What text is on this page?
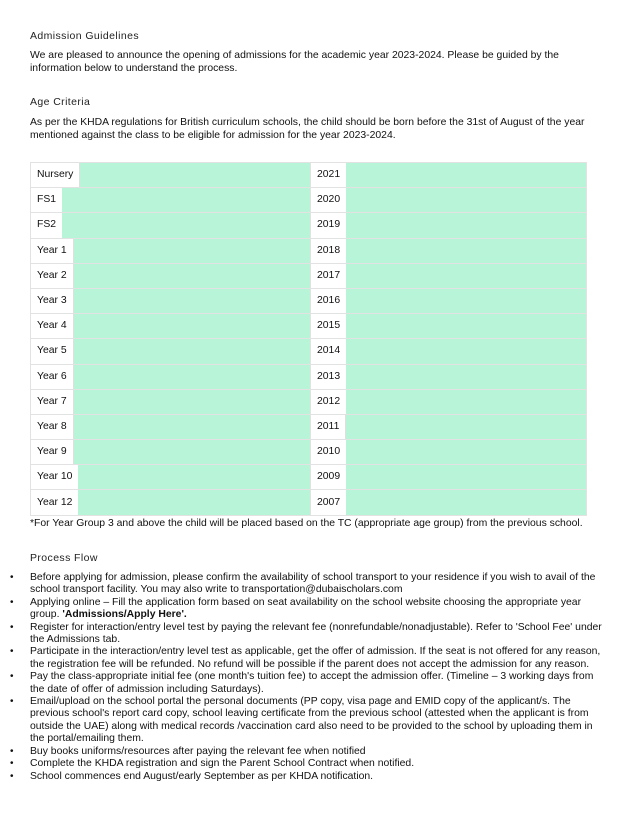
Admission Guidelines

We are pleased to announce the opening of admissions for the academic year 2023-2024. Please be guided by the information below to understand the process.

Age Criteria

As per the KHDA regulations for British curriculum schools, the child should be born before the 31st of August of the year mentioned against the class to be eligible for admission for the year 2023-2024.

Nursery	2021

FS1	2020

FS2	2019

Year 1	2018

Year 2	2017

Year 3	2016

Year 4	2015

Year 5	2014

Year 6	2013

Year 7	2012

Year 8	2011

Year 9	2010

Year 10	2009

Year 12	2007

*For Year Group 3 and above the child will be placed based on the TC (appropriate age group) from the previous school.

Process Flow

• Before applying for admission, please confirm the availability of school transport to your residence if you wish to avail of the school transport facility. You may also write to transportation@dubaischolars.com
• Applying online – Fill the application form based on seat availability on the school website choosing the appropriate year group. 'Admissions/Apply Here'.
• Register for interaction/entry level test by paying the relevant fee (nonrefundable/nonadjustable). Refer to 'School Fee' under the Admissions tab.
• Participate in the interaction/entry level test as applicable, get the offer of admission. If the seat is not offered for any reason, the registration fee will be refunded. No refund will be possible if the parent does not accept the admission for any reason.
• Pay the class-appropriate initial fee (one month's tuition fee) to accept the admission offer. (Timeline – 3 working days from the date of offer of admission including Saturdays).
• Email/upload on the school portal the personal documents (PP copy, visa page and EMID copy of the applicant/s. The previous school's report card copy, school leaving certificate from the previous school (attested when the applicant is from outside the UAE) along with medical records /vaccination card also need to be provided to the school by uploading them in the portal/emailing them.
• Buy books uniforms/resources after paying the relevant fee when notified
• Complete the KHDA registration and sign the Parent School Contract when notified.
• School commences end August/early September as per KHDA notification.
